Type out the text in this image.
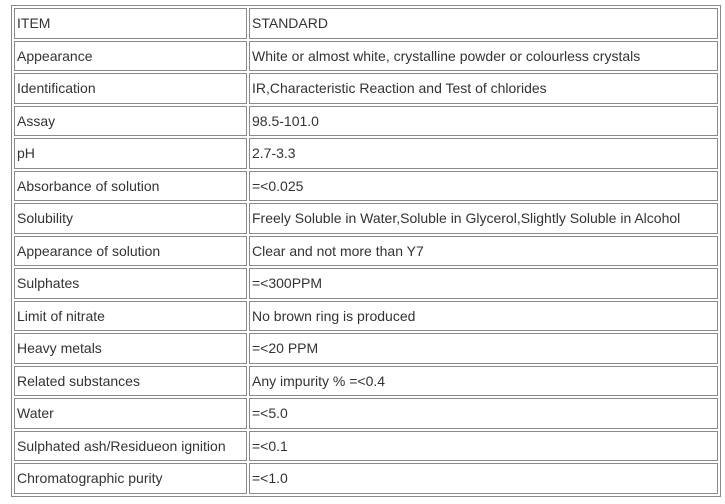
ITEM	STANDARD
Appearance	White or almost white, crystalline powder or colourless crystals
Identification	IR,Characteristic Reaction and Test of chlorides
Assay	98.5-101.0
pH	2.7-3.3
Absorbance of solution	=<0.025
Solubility	Freely Soluble in Water,Soluble in Glycerol,Slightly Soluble in Alcohol
Appearance of solution	Clear and not more than Y7
Sulphates	=<300PPM
Limit of nitrate	No brown ring is produced
Heavy metals	=<20 PPM
Related substances	Any impurity % =<0.4
Water	=<5.0
Sulphated ash/Residueon ignition	=<0.1
Chromatographic purity	=<1.0
